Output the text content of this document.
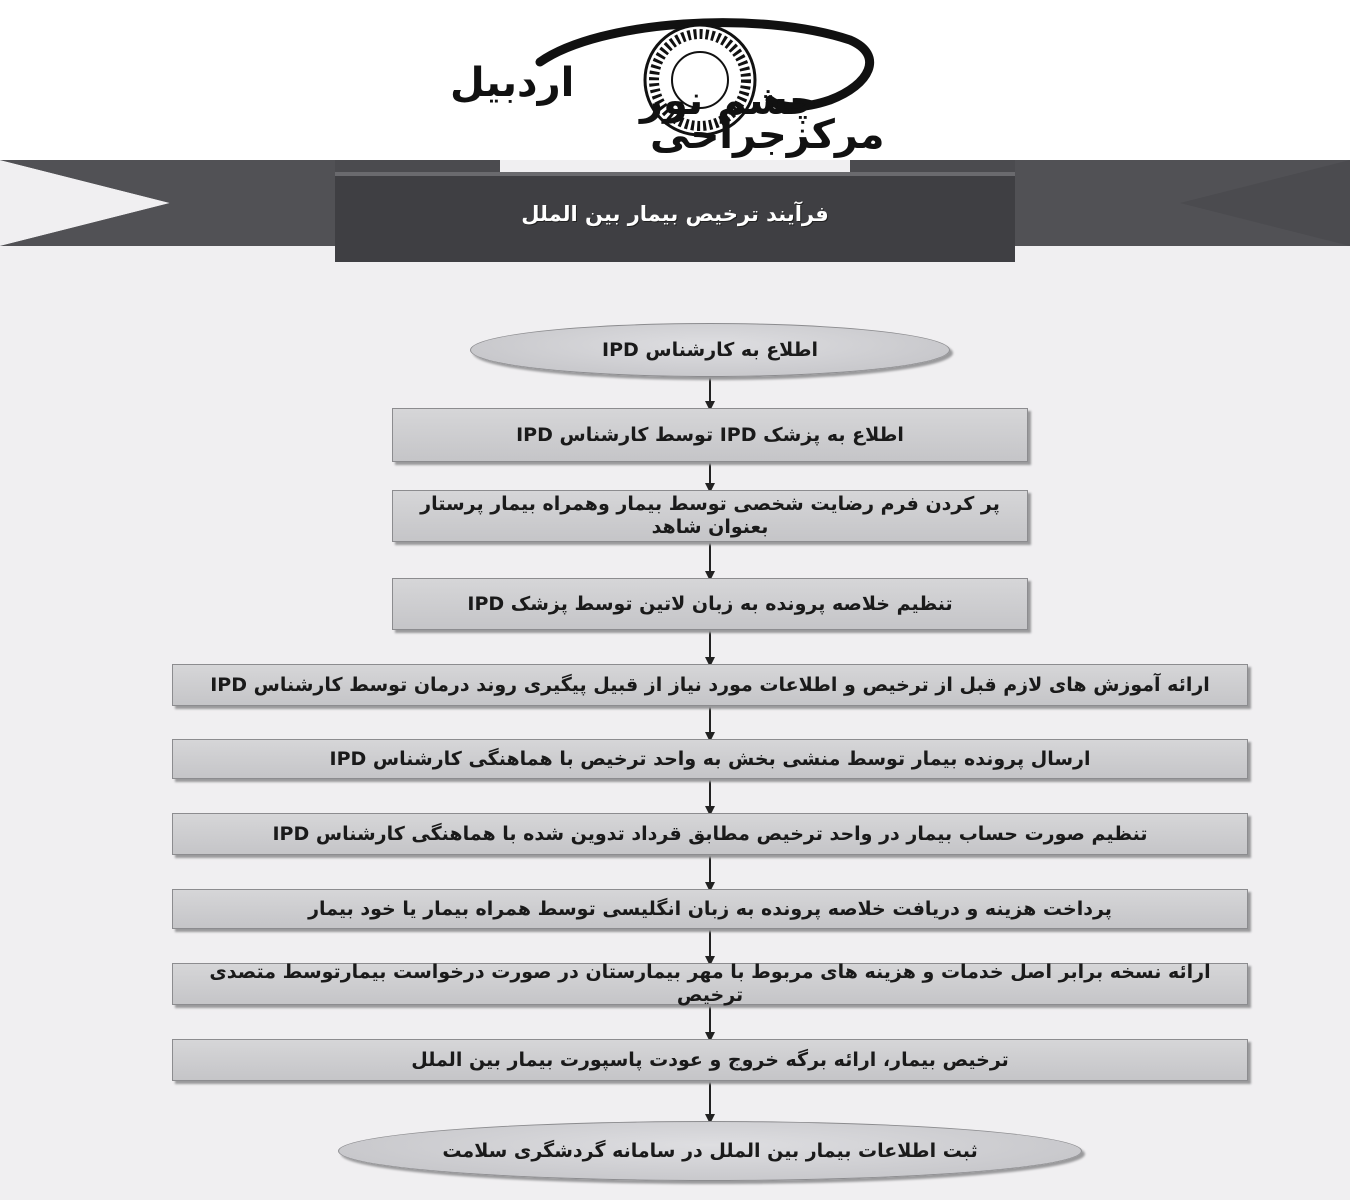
اردبیل چشم نور
مرکزجراحی
فرآیند ترخیص بیمار بین الملل
اطلاع به کارشناس IPD
اطلاع به پزشک IPD توسط کارشناس IPD
پر کردن فرم رضایت شخصی توسط بیمار وهمراه بیمار پرستار بعنوان شاهد
تنظیم خلاصه پرونده به زبان لاتین توسط پزشک IPD
ارائه آموزش های لازم قبل از ترخیص و اطلاعات مورد نیاز از قبیل پیگیری روند درمان توسط کارشناس IPD
ارسال پرونده بیمار توسط منشی بخش به واحد ترخیص با هماهنگی کارشناس IPD
تنظیم صورت حساب بیمار در واحد ترخیص مطابق قرداد تدوین شده با هماهنگی کارشناس IPD
پرداخت هزینه و دریافت خلاصه پرونده به زبان انگلیسی توسط همراه بیمار یا خود بیمار
ارائه نسخه برابر اصل خدمات و هزینه های مربوط با مهر بیمارستان در صورت درخواست بیمارتوسط متصدی ترخیص
ترخیص بیمار، ارائه برگه خروج و عودت پاسپورت بیمار بین الملل
ثبت اطلاعات بیمار بین الملل در سامانه گردشگری سلامت
